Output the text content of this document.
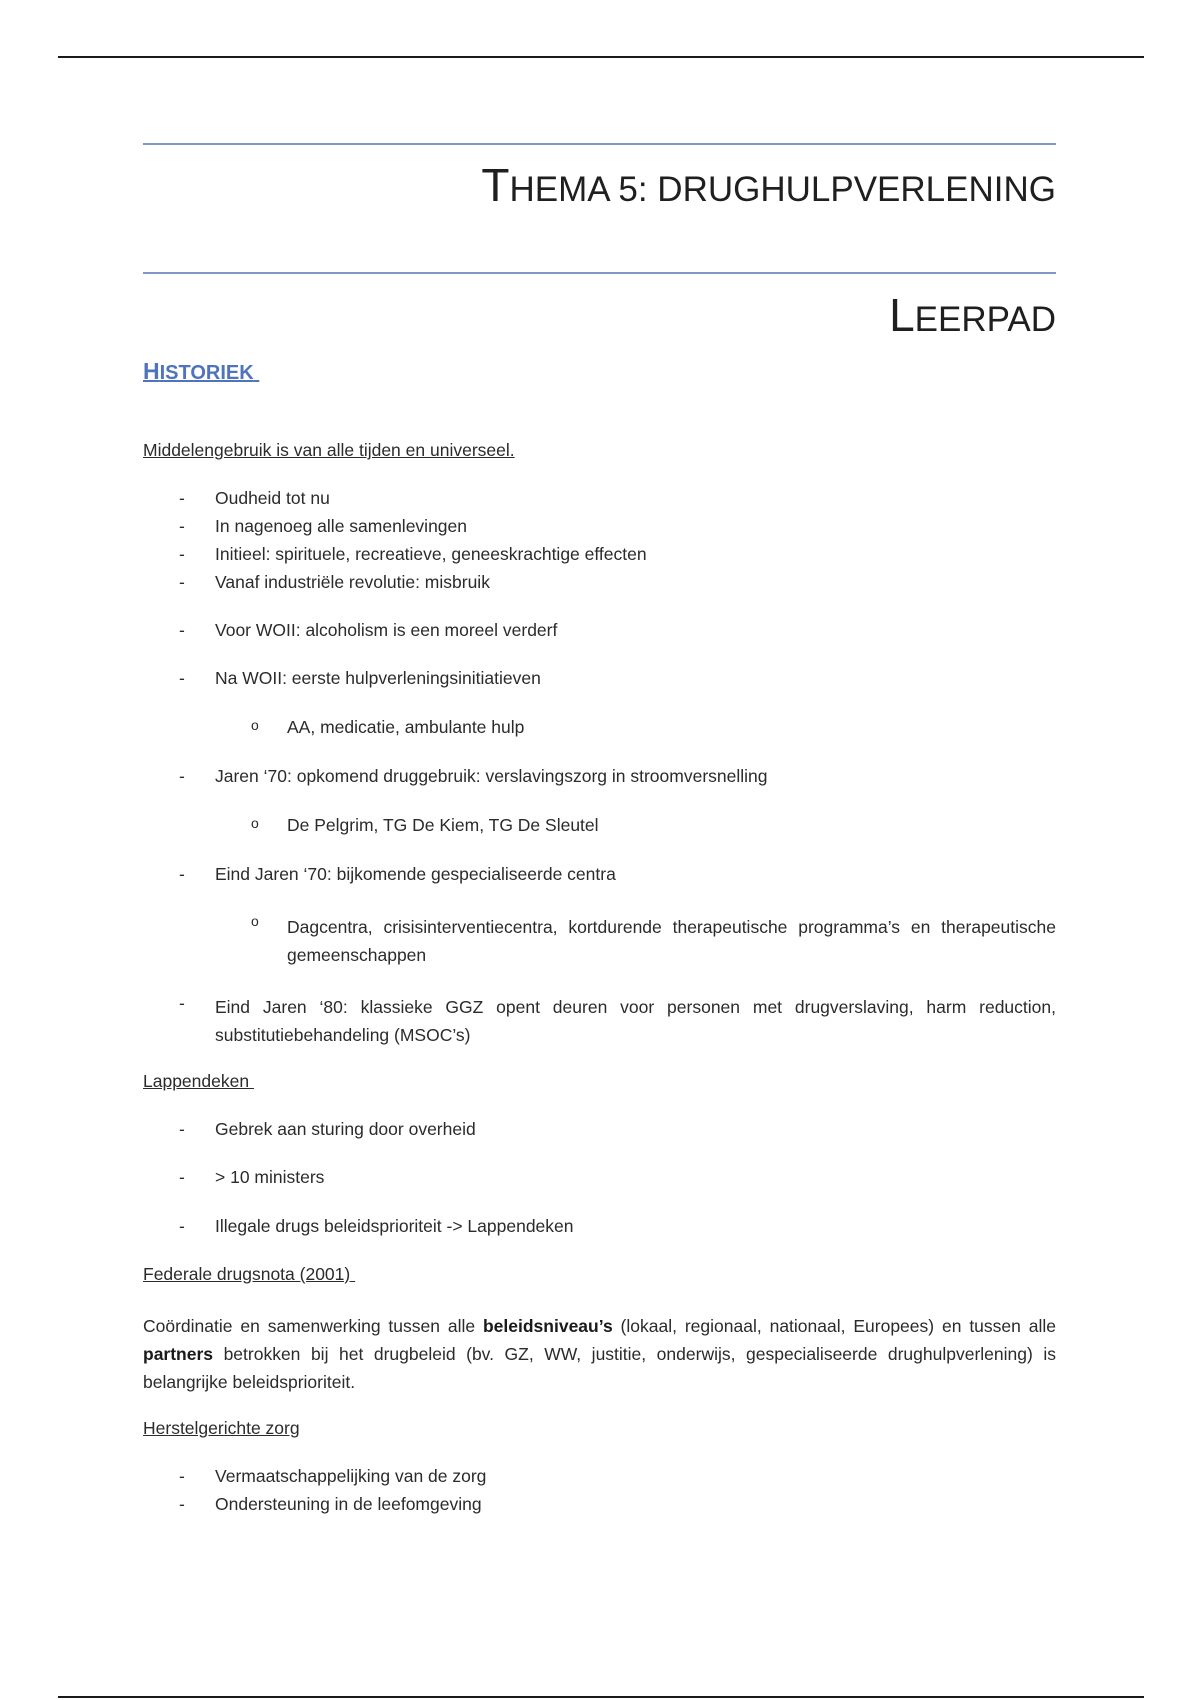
THEMA 5: DRUGHULPVERLENING
LEERPAD
HISTORIEK
Middelengebruik is van alle tijden en universeel.
- Oudheid tot nu
- In nagenoeg alle samenlevingen
- Initieel: spirituele, recreatieve, geneeskrachtige effecten
- Vanaf industriële revolutie: misbruik
- Voor WOII: alcoholism is een moreel verderf
- Na WOII: eerste hulpverleningsinitiatieven
o AA, medicatie, ambulante hulp
- Jaren ‘70: opkomend druggebruik: verslavingszorg in stroomversnelling
o De Pelgrim, TG De Kiem, TG De Sleutel
- Eind Jaren ‘70: bijkomende gespecialiseerde centra
o Dagcentra, crisisinterventiecentra, kortdurende therapeutische programma’s en therapeutische gemeenschappen
- Eind Jaren ‘80: klassieke GGZ opent deuren voor personen met drugverslaving, harm reduction, substitutiebehandeling (MSOC’s)
Lappendeken
- Gebrek aan sturing door overheid
- > 10 ministers
- Illegale drugs beleidsprioriteit -> Lappendeken
Federale drugsnota (2001)
Coördinatie en samenwerking tussen alle beleidsniveau’s (lokaal, regionaal, nationaal, Europees) en tussen alle partners betrokken bij het drugbeleid (bv. GZ, WW, justitie, onderwijs, gespecialiseerde drughulpverlening) is belangrijke beleidsprioriteit.
Herstelgerichte zorg
- Vermaatschappelijking van de zorg
- Ondersteuning in de leefomgeving
